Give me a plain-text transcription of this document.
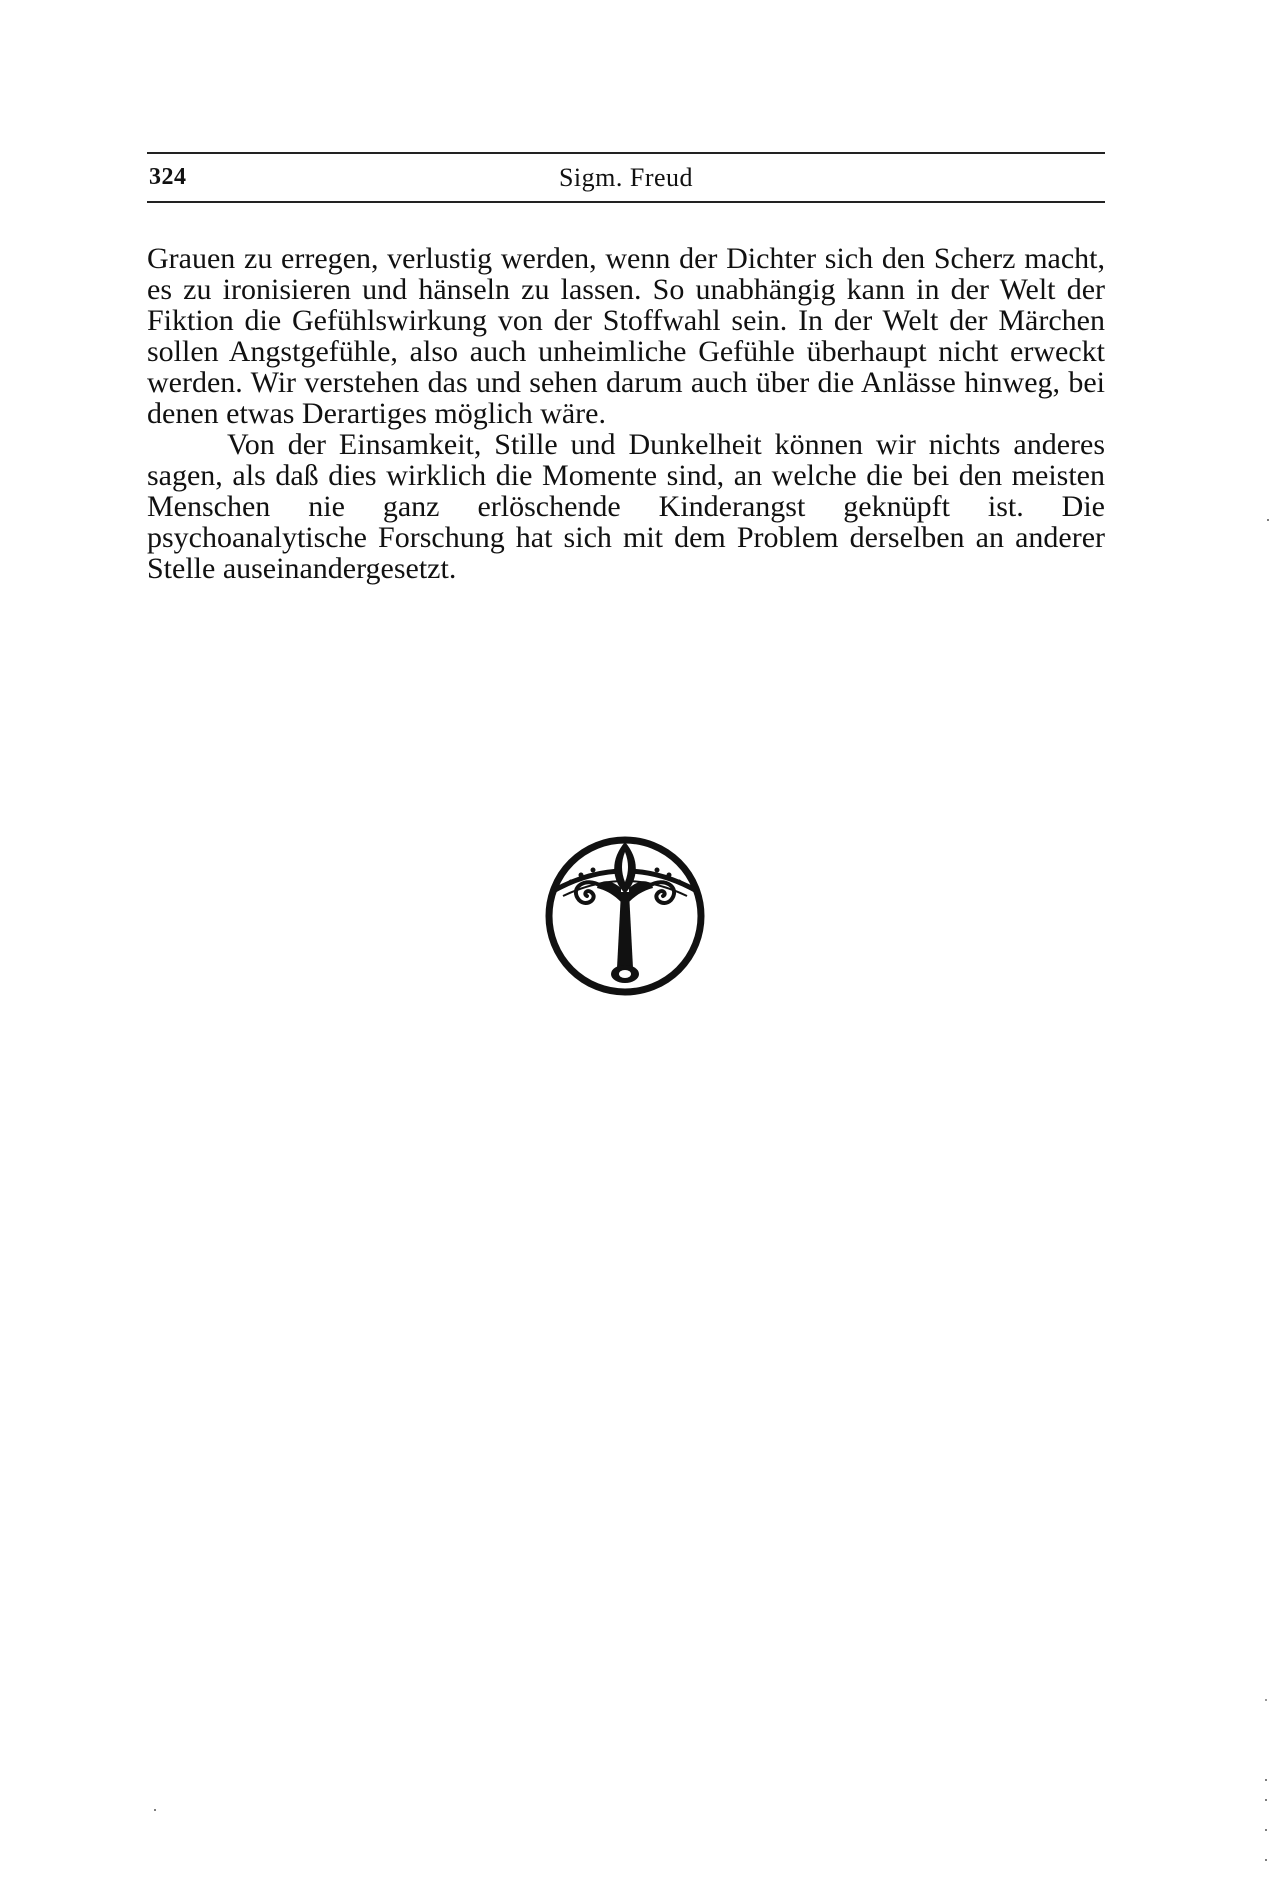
324	Sigm. Freud

Grauen zu erregen, verlustig werden, wenn der Dichter sich den Scherz macht, es zu ironisieren und hänseln zu lassen. So unabhängig kann in der Welt der Fiktion die Gefühlswirkung von der Stoffwahl sein. In der Welt der Märchen sollen Angstgefühle, also auch unheimliche Gefühle überhaupt nicht erweckt werden. Wir verstehen das und sehen darum auch über die Anlässe hinweg, bei denen etwas Derartiges möglich wäre.

Von der Einsamkeit, Stille und Dunkelheit können wir nichts anderes sagen, als daß dies wirklich die Momente sind, an welche die bei den meisten Menschen nie ganz erlöschende Kinderangst geknüpft ist. Die psychoanalytische Forschung hat sich mit dem Problem derselben an anderer Stelle auseinandergesetzt.
